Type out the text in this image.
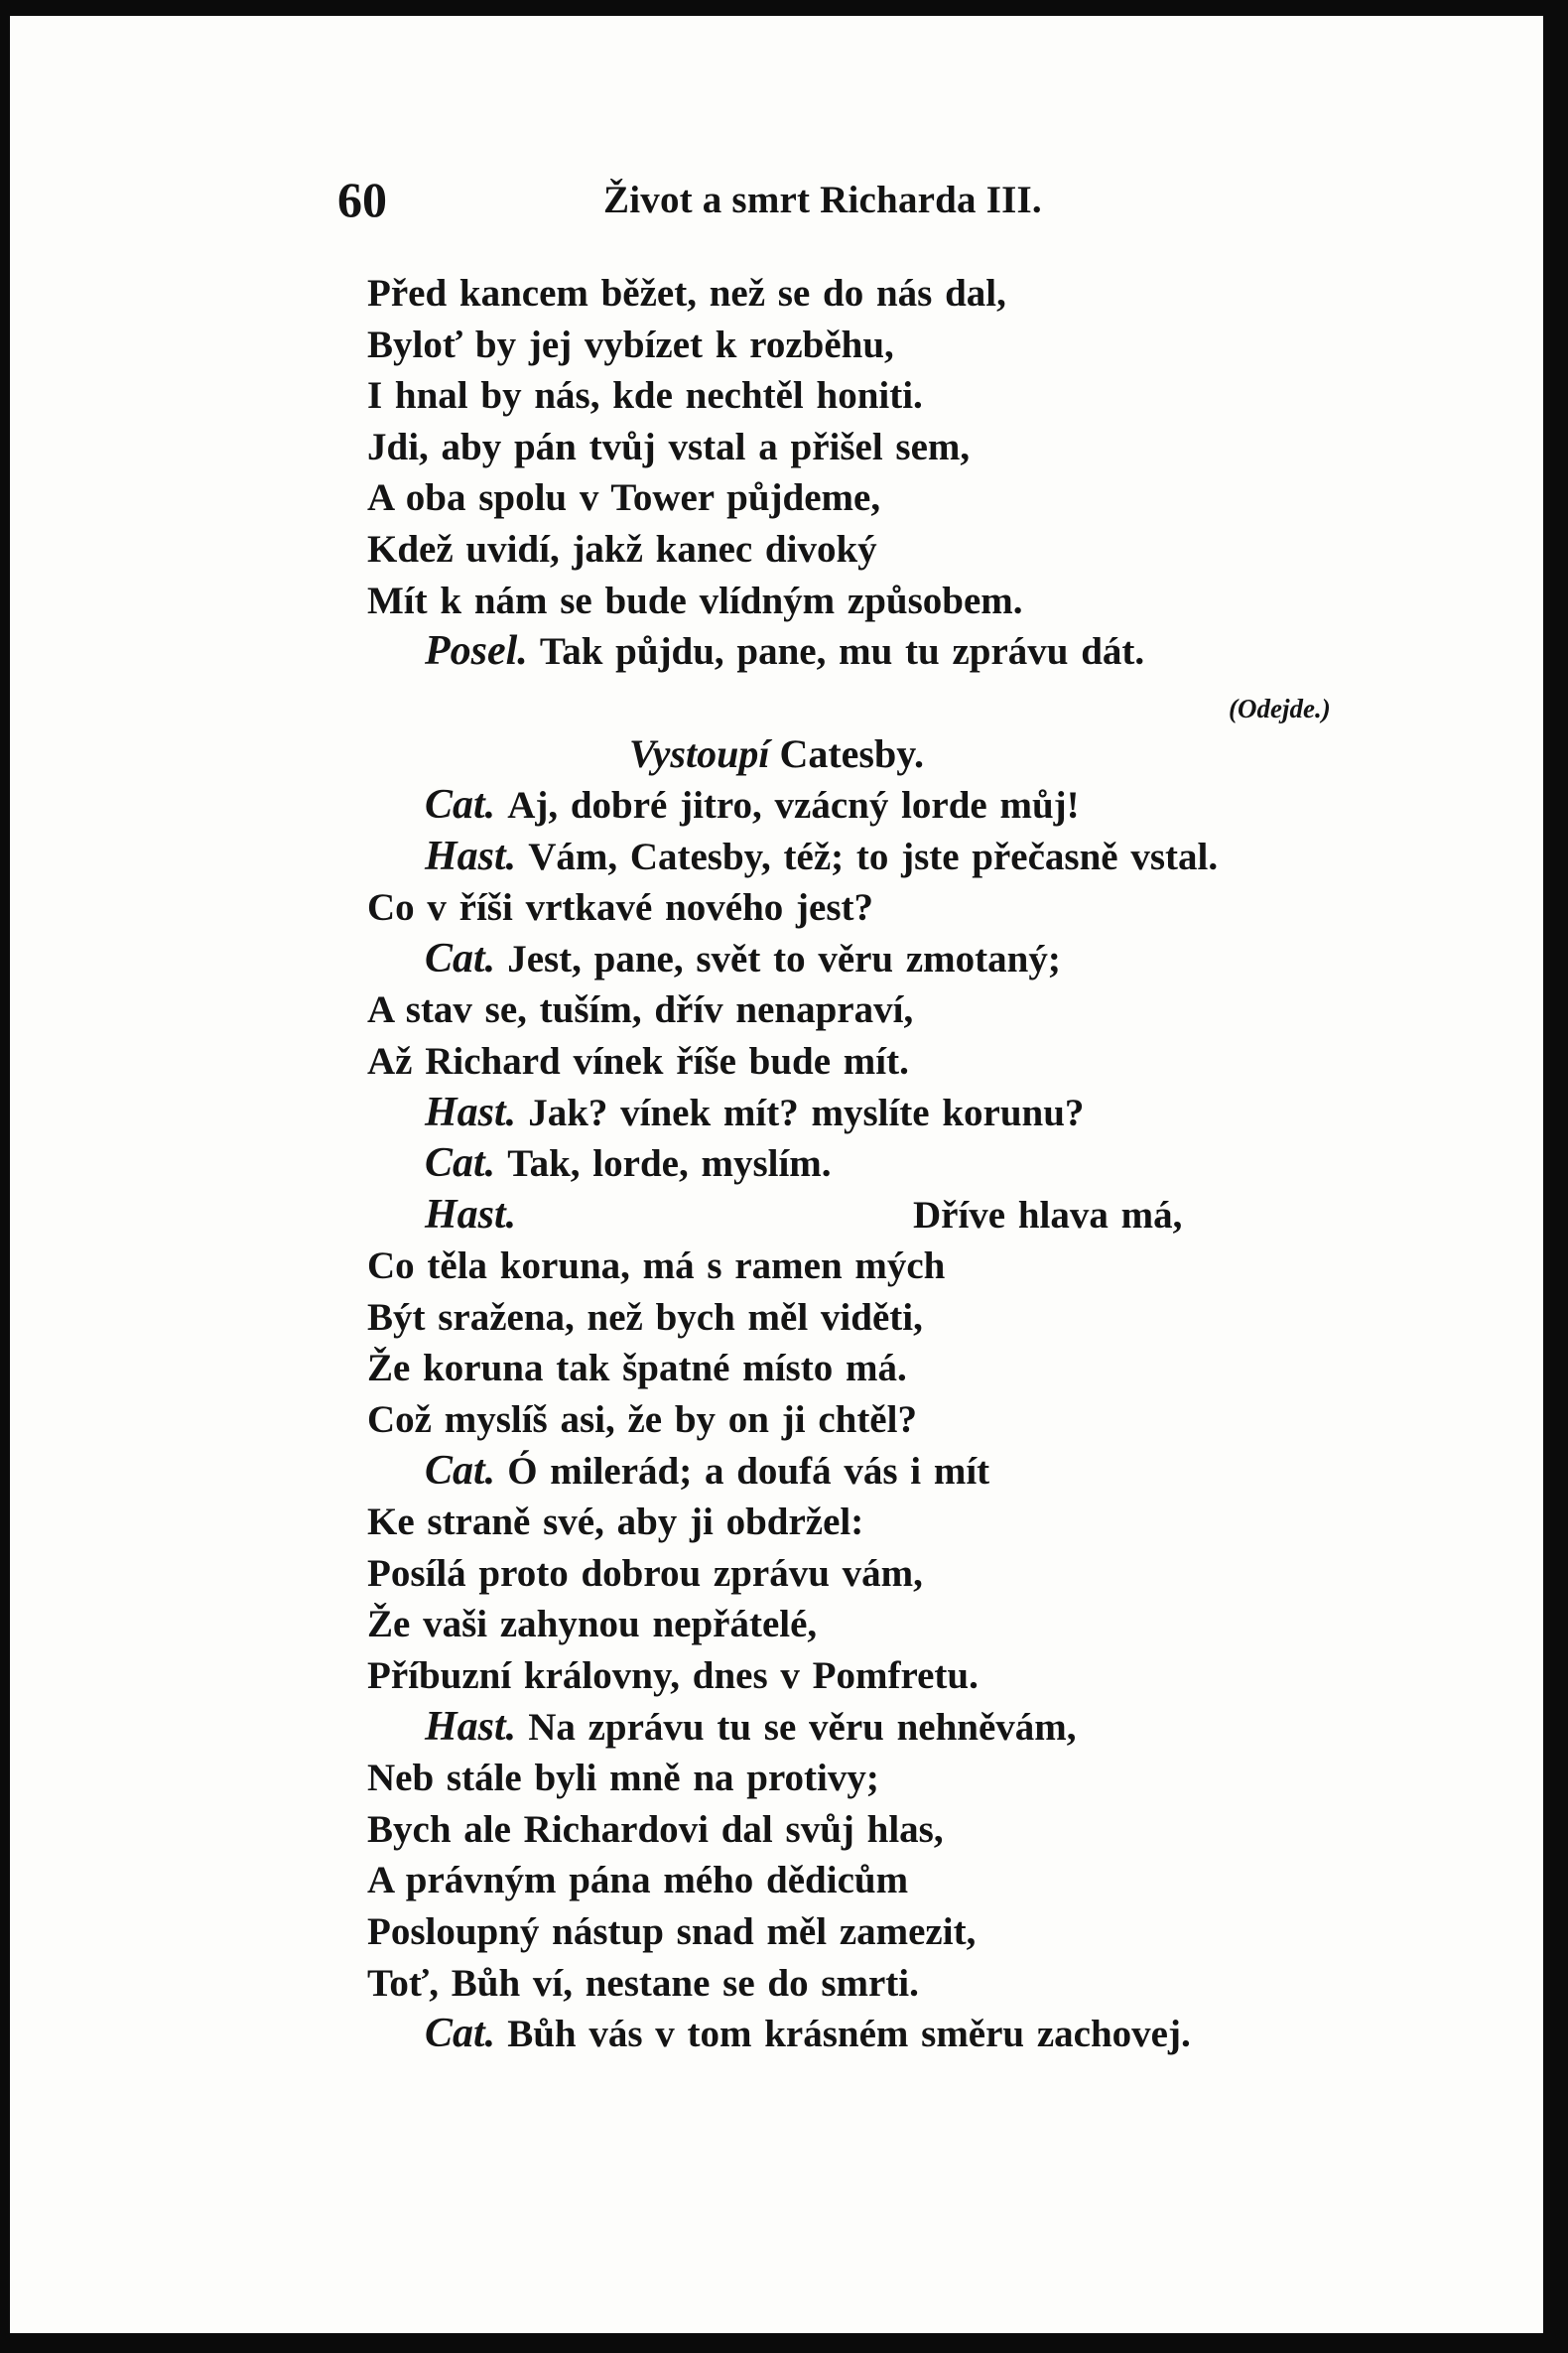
60	Život a smrt Richarda III.
Před kancem běžet, než se do nás dal,
Byloť by jej vybízet k rozběhu,
I hnal by nás, kde nechtěl honiti.
Jdi, aby pán tvůj vstal a přišel sem,
A oba spolu v Tower půjdeme,
Kdež uvidí, jakž kanec divoký
Mít k nám se bude vlídným způsobem.
Posel. Tak půjdu, pane, mu tu zprávu dát.
(Odejde.)
Vystoupí Catesby.
Cat. Aj, dobré jitro, vzácný lorde můj!
Hast. Vám, Catesby, též; to jste přečasně vstal.
Co v říši vrtkavé nového jest?
Cat. Jest, pane, svět to věru zmotaný;
A stav se, tuším, dřív nenapraví,
Až Richard vínek říše bude mít.
Hast. Jak? vínek mít? myslíte korunu?
Cat. Tak, lorde, myslím.
Hast.	Dříve hlava má,
Co těla koruna, má s ramen mých
Být sražena, než bych měl viděti,
Že koruna tak špatné místo má.
Což myslíš asi, že by on ji chtěl?
Cat. Ó milerád; a doufá vás i mít
Ke straně své, aby ji obdržel:
Posílá proto dobrou zprávu vám,
Že vaši zahynou nepřátelé,
Příbuzní královny, dnes v Pomfretu.
Hast. Na zprávu tu se věru nehněvám,
Neb stále byli mně na protivy;
Bych ale Richardovi dal svůj hlas,
A právným pána mého dědicům
Posloupný nástup snad měl zamezit,
Toť, Bůh ví, nestane se do smrti.
Cat. Bůh vás v tom krásném směru zachovej.
